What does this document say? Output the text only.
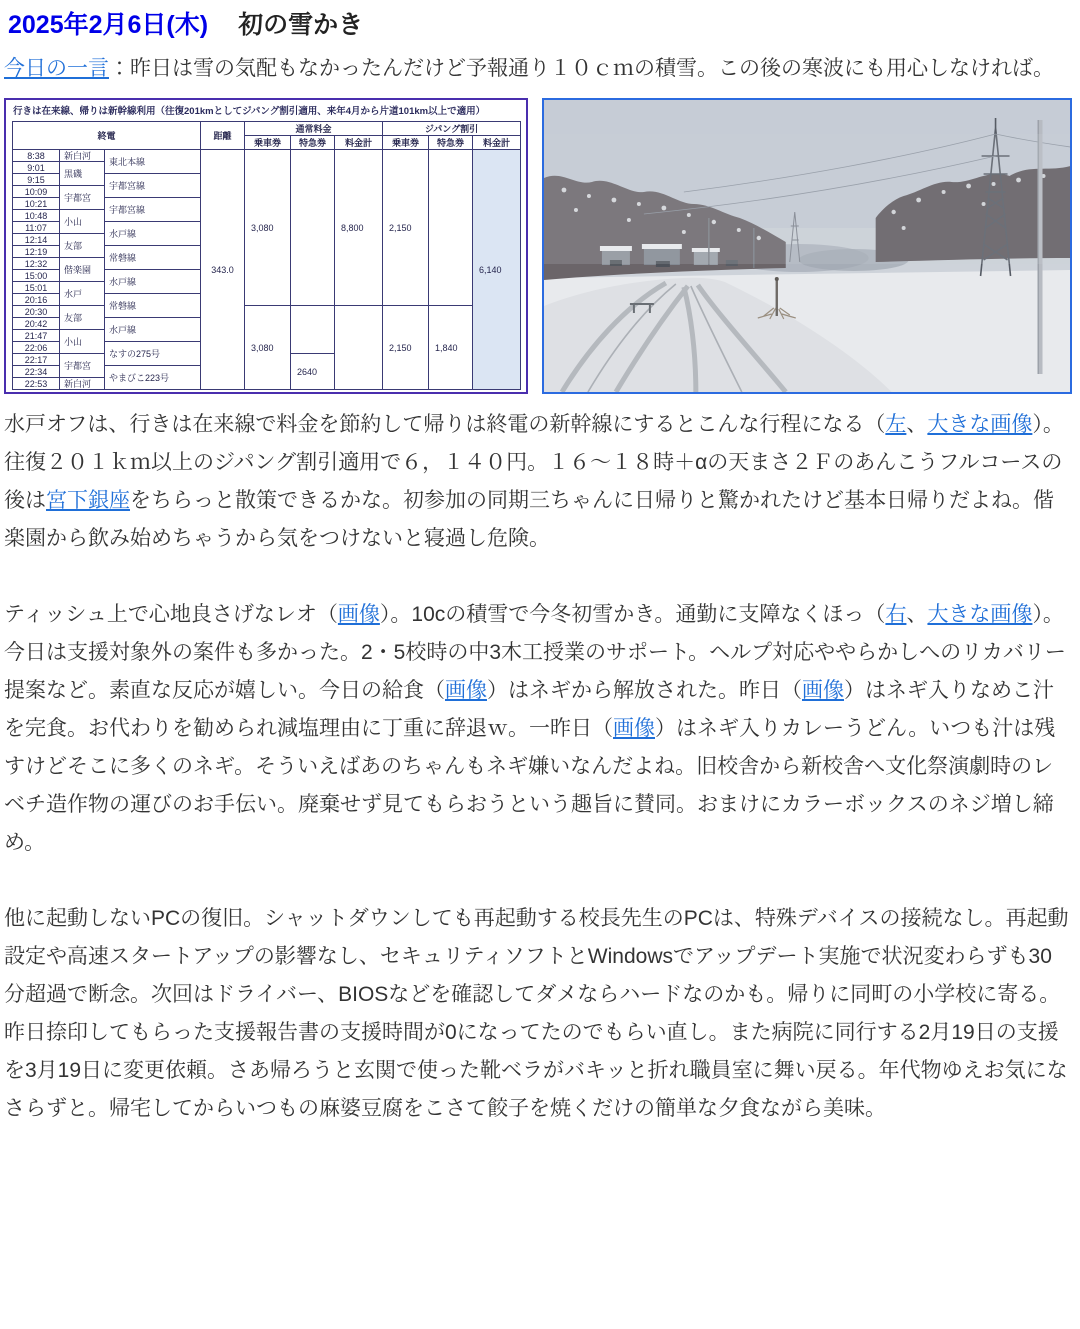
2025年2月6日(木) 初の雪かき

今日の一言：昨日は雪の気配もなかったんだけど予報通り１０ｃｍの積雪。この後の寒波にも用心しなければ。

行きは在来線、帰りは新幹線利用（往復201kmとしてジパング割引適用、来年4月から片道101km以上で適用）
終電			距離	通常料金			ジパング割引		
				乗車券	特急券	料金計	乗車券	特急券	料金計
8:38	新白河	東北本線	343.0	3,080		8,800	2,150		6,140
9:01	黒磯								
9:15		宇都宮線							
10:09	宇都宮								
10:21		宇都宮線							
10:48	小山								
11:07		水戸線							
12:14	友部								
12:19		常磐線							
12:32	偕楽園								
15:00		水戸線							
15:01	水戸								
20:16		常磐線							
20:30	友部			3,080			2,150	1,840	
20:42		水戸線							
21:47	小山								
22:06		なすの275号							
22:17	宇都宮				2640				
22:34		やまびこ223号							
22:53	新白河								

水戸オフは、行きは在来線で料金を節約して帰りは終電の新幹線にするとこんな行程になる（左、大きな画像）。往復２０１ｋｍ以上のジパング割引適用で６，１４０円。１６～１８時＋αの天まさ２Ｆのあんこうフルコースの後は宮下銀座をちらっと散策できるかな。初参加の同期三ちゃんに日帰りと驚かれたけど基本日帰りだよね。偕楽園から飲み始めちゃうから気をつけないと寝過し危険。

ティッシュ上で心地良さげなレオ（画像）。10cの積雪で今冬初雪かき。通勤に支障なくほっ（右、大きな画像）。今日は支援対象外の案件も多かった。2・5校時の中3木工授業のサポート。ヘルプ対応ややらかしへのリカバリー提案など。素直な反応が嬉しい。今日の給食（画像）はネギから解放された。昨日（画像）はネギ入りなめこ汁を完食。お代わりを勧められ減塩理由に丁重に辞退ｗ。一昨日（画像）はネギ入りカレーうどん。いつも汁は残すけどそこに多くのネギ。そういえばあのちゃんもネギ嫌いなんだよね。旧校舎から新校舎へ文化祭演劇時のレベチ造作物の運びのお手伝い。廃棄せず見てもらおうという趣旨に賛同。おまけにカラーボックスのネジ増し締め。

他に起動しないPCの復旧。シャットダウンしても再起動する校長先生のPCは、特殊デバイスの接続なし。再起動設定や高速スタートアップの影響なし、セキュリティソフトとWindowsでアップデート実施で状況変わらずも30分超過で断念。次回はドライバー、BIOSなどを確認してダメならハードなのかも。帰りに同町の小学校に寄る。昨日捺印してもらった支援報告書の支援時間が0になってたのでもらい直し。また病院に同行する2月19日の支援を3月19日に変更依頼。さあ帰ろうと玄関で使った靴ベラがバキッと折れ職員室に舞い戻る。年代物ゆえお気になさらずと。帰宅してからいつもの麻婆豆腐をこさて餃子を焼くだけの簡単な夕食ながら美味。
